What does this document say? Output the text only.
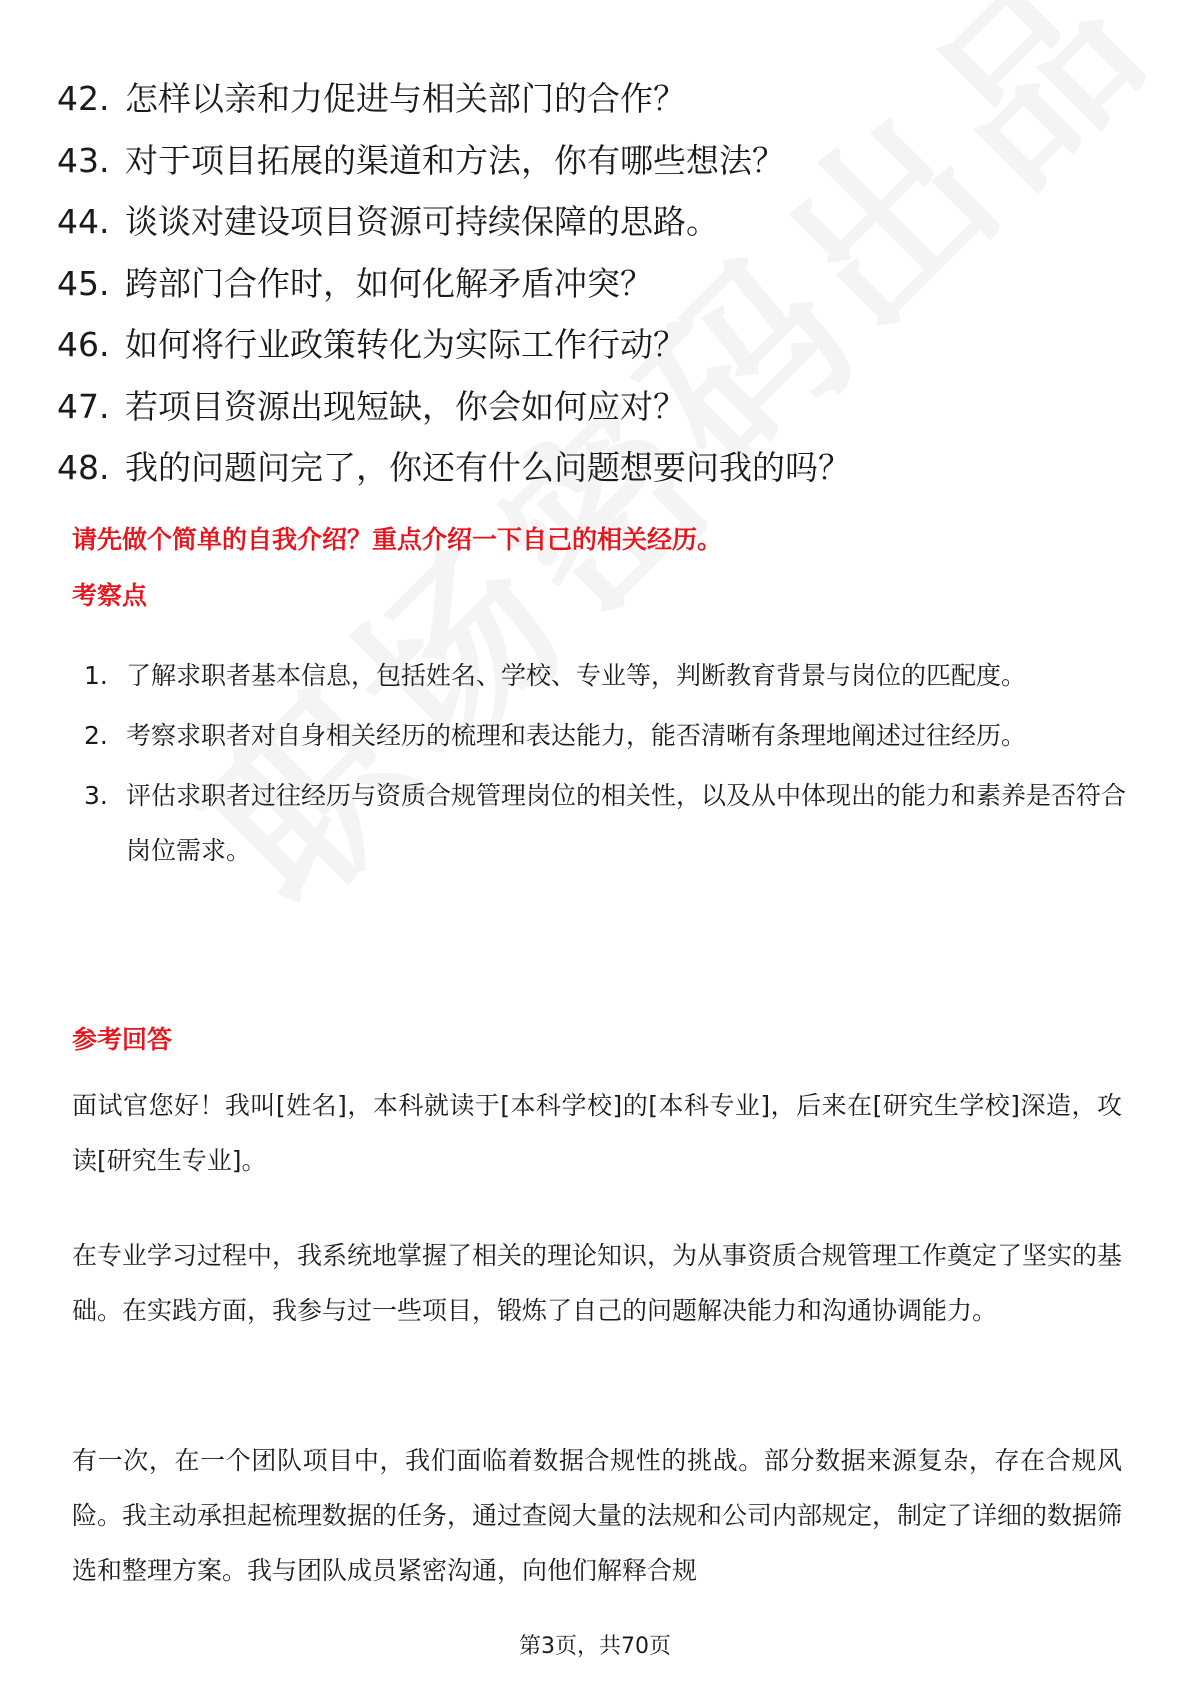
42. 怎样以亲和力促进与相关部门的合作？
43. 对于项目拓展的渠道和方法，你有哪些想法？
44. 谈谈对建设项目资源可持续保障的思路。
45. 跨部门合作时，如何化解矛盾冲突？
46. 如何将行业政策转化为实际工作行动？
47. 若项目资源出现短缺，你会如何应对？
48. 我的问题问完了，你还有什么问题想要问我的吗？

请先做个简单的自我介绍？重点介绍一下自己的相关经历。

考察点

1. 了解求职者基本信息，包括姓名、学校、专业等，判断教育背景与岗位的匹配度。
2. 考察求职者对自身相关经历的梳理和表达能力，能否清晰有条理地阐述过往经历。
3. 评估求职者过往经历与资质合规管理岗位的相关性，以及从中体现出的能力和素养是否符合岗位需求。

参考回答

面试官您好！我叫[姓名]，本科就读于[本科学校]的[本科专业]，后来在[研究生学校]深造，攻读[研究生专业]。

在专业学习过程中，我系统地掌握了相关的理论知识，为从事资质合规管理工作奠定了坚实的基础。在实践方面，我参与过一些项目，锻炼了自己的问题解决能力和沟通协调能力。

有一次，在一个团队项目中，我们面临着数据合规性的挑战。部分数据来源复杂，存在合规风险。我主动承担起梳理数据的任务，通过查阅大量的法规和公司内部规定，制定了详细的数据筛选和整理方案。我与团队成员紧密沟通，向他们解释合规

第3页，共70页
